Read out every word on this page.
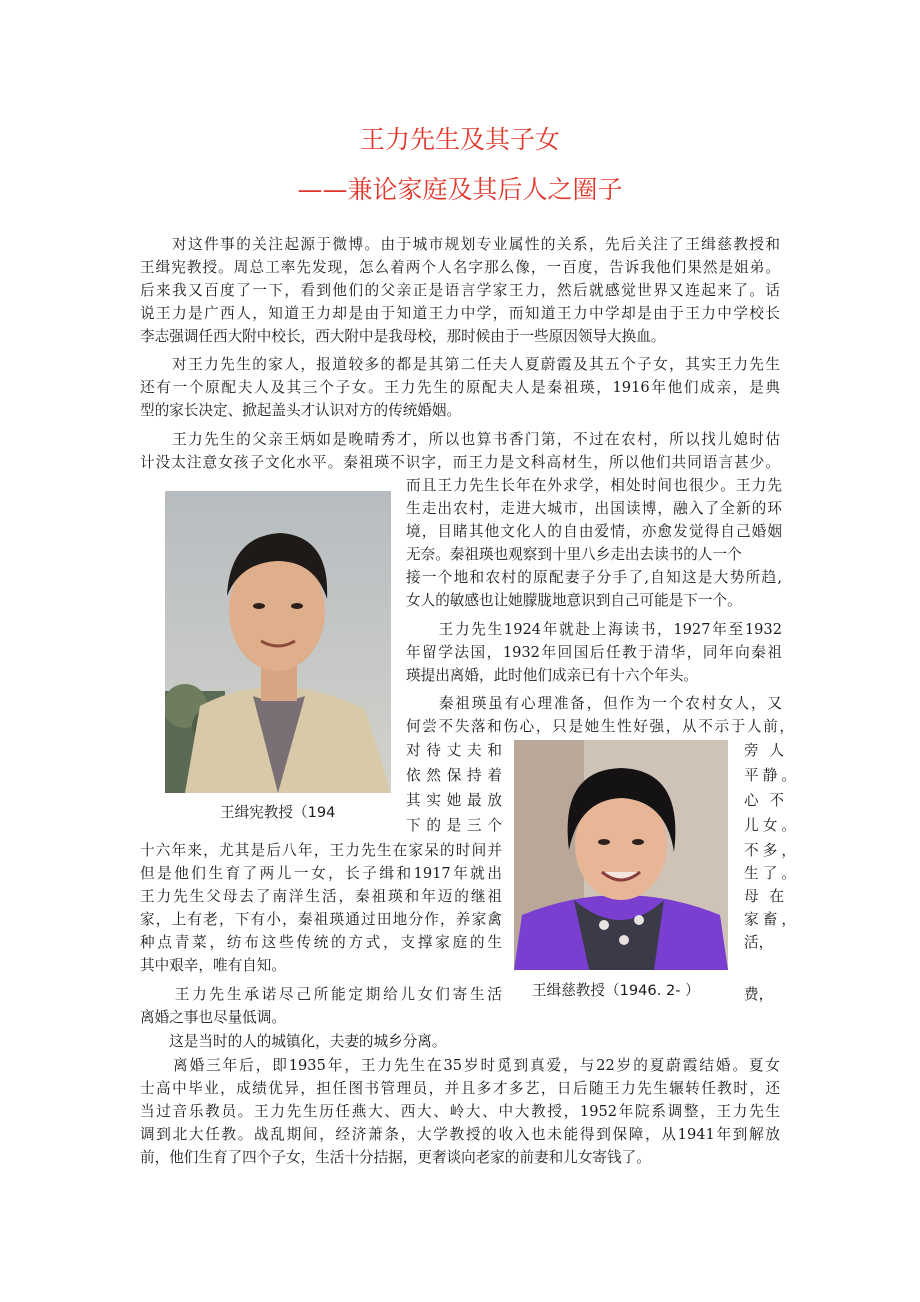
王力先生及其子女
——兼论家庭及其后人之圈子

　　对这件事的关注起源于微博。由于城市规划专业属性的关系，先后关注了王缉慈教授和

王缉宪教授。周总工率先发现，怎么着两个人名字那么像，一百度，告诉我他们果然是姐弟。

后来我又百度了一下，看到他们的父亲正是语言学家王力，然后就感觉世界又连起来了。话

说王力是广西人，知道王力却是由于知道王力中学，而知道王力中学却是由于王力中学校长

李志强调任西大附中校长，西大附中是我母校，那时候由于一些原因领导大换血。

　　对王力先生的家人，报道较多的都是其第二任夫人夏蔚霞及其五个子女，其实王力先生

还有一个原配夫人及其三个子女。王力先生的原配夫人是秦祖瑛，1916年他们成亲，是典

型的家长决定、掀起盖头才认识对方的传统婚姻。

　　王力先生的父亲王炳如是晚晴秀才，所以也算书香门第，不过在农村，所以找儿媳时估

计没太注意女孩子文化水平。秦祖瑛不识字，而王力是文科高材生，所以他们共同语言甚少。

王缉宪教授（194

而且王力先生长年在外求学，相处时间也很少。王力先

生走出农村，走进大城市，出国读博，融入了全新的环

境，目睹其他文化人的自由爱情，亦愈发觉得自己婚姻

无奈。秦祖瑛也观察到十里八乡走出去读书的人一个

接一个地和农村的原配妻子分手了,自知这是大势所趋,

女人的敏感也让她朦胧地意识到自己可能是下一个。

　　王力先生1924年就赴上海读书，1927年至1932

年留学法国，1932年回国后任教于清华，同年向秦祖

瑛提出离婚，此时他们成亲已有十六个年头。

　　秦祖瑛虽有心理准备，但作为一个农村女人，又

何尝不失落和伤心，只是她生性好强，从不示于人前，

对待丈夫和

依然保持着

其实她最放

下的是三个

旁人

平静。

心不

儿女。

不多，

生了。

母在

家畜，

活，

费，

王缉慈教授（1946. 2- ）

十六年来，尤其是后八年，王力先生在家呆的时间并

但是他们生育了两儿一女，长子缉和1917年就出

王力先生父母去了南洋生活，秦祖瑛和年迈的继祖

家，上有老，下有小，秦祖瑛通过田地分作，养家禽

种点青菜，纺布这些传统的方式，支撑家庭的生

其中艰辛，唯有自知。

　　王力先生承诺尽己所能定期给儿女们寄生活

离婚之事也尽量低调。

　　这是当时的人的城镇化，夫妻的城乡分离。

　　离婚三年后，即1935年，王力先生在35岁时觅到真爱，与22岁的夏蔚霞结婚。夏女

士高中毕业，成绩优异，担任图书管理员，并且多才多艺，日后随王力先生辗转任教时，还

当过音乐教员。王力先生历任燕大、西大、岭大、中大教授，1952年院系调整，王力先生

调到北大任教。战乱期间，经济萧条，大学教授的收入也未能得到保障，从1941年到解放

前，他们生育了四个子女，生活十分拮据，更奢谈向老家的前妻和儿女寄钱了。
